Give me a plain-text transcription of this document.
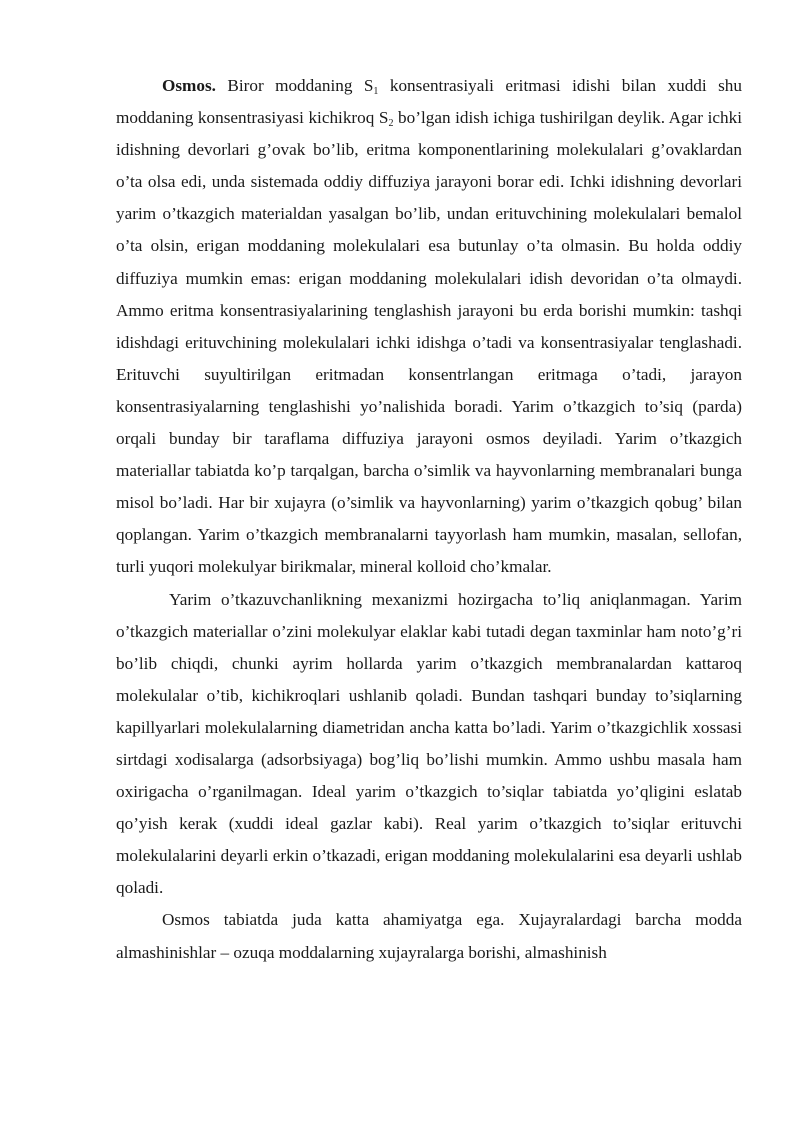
Osmos. Biror moddaning $S_1$ konsentrasiyali eritmasi idishi bilan xuddi shu moddaning konsentrasiyasi kichikroq $S_2$ bo’lgan idish ichiga tushirilgan deylik. Agar ichki idishning devorlari g’ovak bo’lib, eritma komponentlarining molekulalari g’ovaklardan o’ta olsa edi, unda sistemada oddiy diffuziya jarayoni borar edi. Ichki idishning devorlari yarim o’tkazgich materialdan yasalgan bo’lib, undan erituvchining molekulalari bemalol o’ta olsin, erigan moddaning molekulalari esa butunlay o’ta olmasin. Bu holda oddiy diffuziya mumkin emas: erigan moddaning molekulalari idish devoridan o’ta olmaydi. Ammo eritma konsentrasiyalarining tenglashish jarayoni bu erda borishi mumkin: tashqi idishdagi erituvchining molekulalari ichki idishga o’tadi va konsentrasiyalar tenglashadi. Erituvchi suyultirilgan eritmadan konsentrlangan eritmaga o’tadi, jarayon konsentrasiyalarning tenglashishi yo’nalishida boradi. Yarim o’tkazgich to’siq (parda) orqali bunday bir taraflama diffuziya jarayoni osmos deyiladi. Yarim o’tkazgich materiallar tabiatda ko’p tarqalgan, barcha o’simlik va hayvonlarning membranalari bunga misol bo’ladi. Har bir xujayra (o’simlik va hayvonlarning) yarim o’tkazgich qobug’ bilan qoplangan. Yarim o’tkazgich membranalarni tayyorlash ham mumkin, masalan, sellofan, turli yuqori molekulyar birikmalar, mineral kolloid cho’kmalar.

Yarim o’tkazuvchanlikning mexanizmi hozirgacha to’liq aniqlanmagan. Yarim o’tkazgich materiallar o’zini molekulyar elaklar kabi tutadi degan taxminlar ham noto’g’ri bo’lib chiqdi, chunki ayrim hollarda yarim o’tkazgich membranalardan kattaroq molekulalar o’tib, kichikroqlari ushlanib qoladi. Bundan tashqari bunday to’siqlarning kapillyarlari molekulalarning diametridan ancha katta bo’ladi. Yarim o’tkazgichlik xossasi sirtdagi xodisalarga (adsorbsiyaga) bog’liq bo’lishi mumkin. Ammo ushbu masala ham oxirigacha o’rganilmagan. Ideal yarim o’tkazgich to’siqlar tabiatda yo’qligini eslatab qo’yish kerak (xuddi ideal gazlar kabi). Real yarim o’tkazgich to’siqlar erituvchi molekulalarini deyarli erkin o’tkazadi, erigan moddaning molekulalarini esa deyarli ushlab qoladi.

Osmos tabiatda juda katta ahamiyatga ega. Xujayralardagi barcha modda almashinishlar – ozuqa moddalarning xujayralarga borishi, almashinish
